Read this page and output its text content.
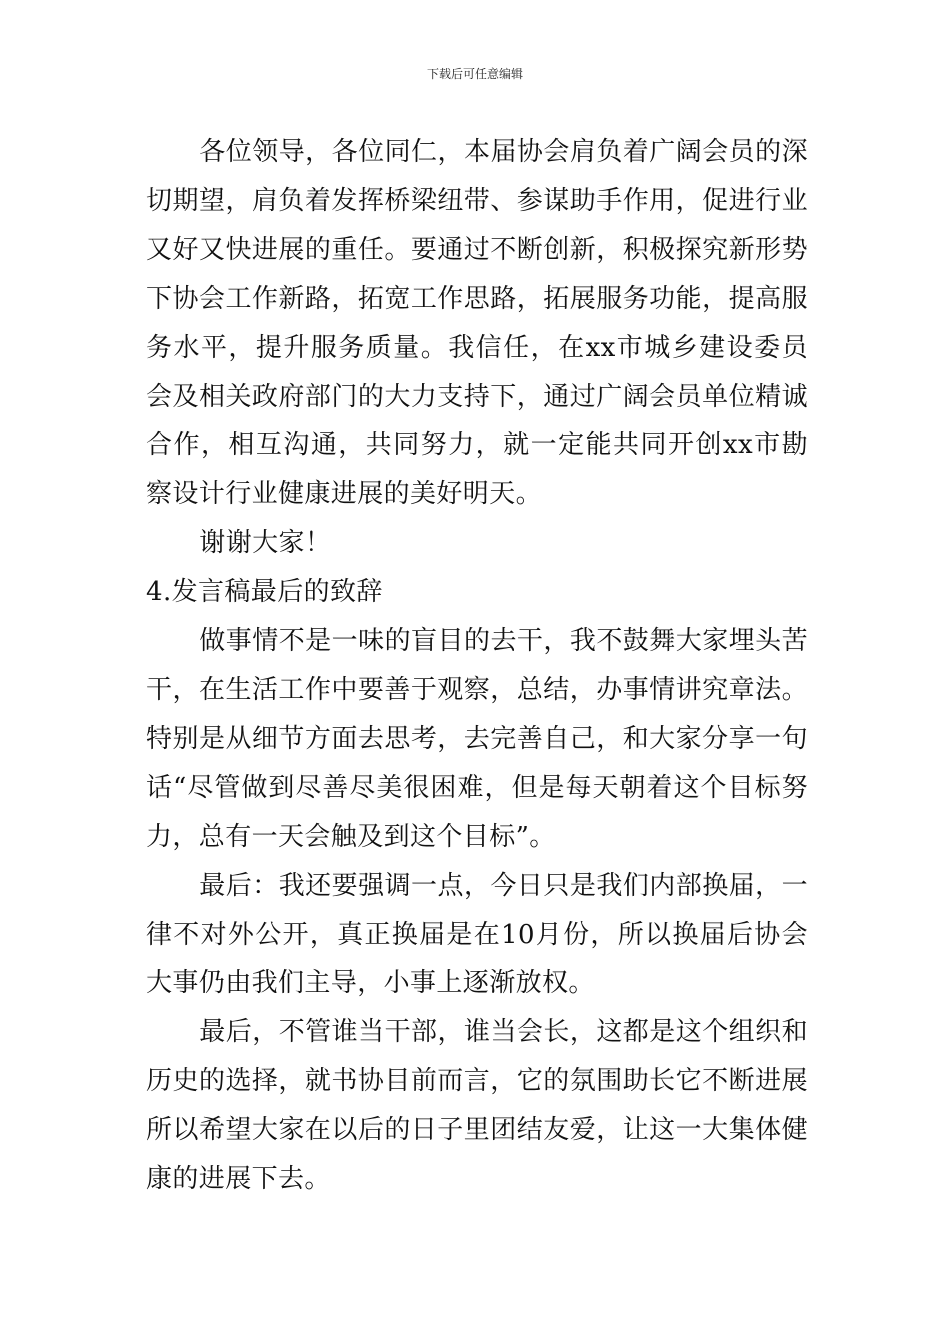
下载后可任意编辑

各位领导，各位同仁，本届协会肩负着广阔会员的深切期望，肩负着发挥桥梁纽带、参谋助手作用，促进行业又好又快进展的重任。要通过不断创新，积极探究新形势下协会工作新路，拓宽工作思路，拓展服务功能，提高服务水平，提升服务质量。我信任，在xx市城乡建设委员会及相关政府部门的大力支持下，通过广阔会员单位精诚合作，相互沟通，共同努力，就一定能共同开创xx市勘察设计行业健康进展的美好明天。

谢谢大家！

4.发言稿最后的致辞

做事情不是一味的盲目的去干，我不鼓舞大家埋头苦干，在生活工作中要善于观察，总结，办事情讲究章法。特别是从细节方面去思考，去完善自己，和大家分享一句话“尽管做到尽善尽美很困难，但是每天朝着这个目标努力，总有一天会触及到这个目标”。

最后：我还要强调一点，今日只是我们内部换届，一律不对外公开，真正换届是在10月份，所以换届后协会大事仍由我们主导，小事上逐渐放权。

最后，不管谁当干部，谁当会长，这都是这个组织和历史的选择，就书协目前而言，它的氛围助长它不断进展所以希望大家在以后的日子里团结友爱，让这一大集体健康的进展下去。
